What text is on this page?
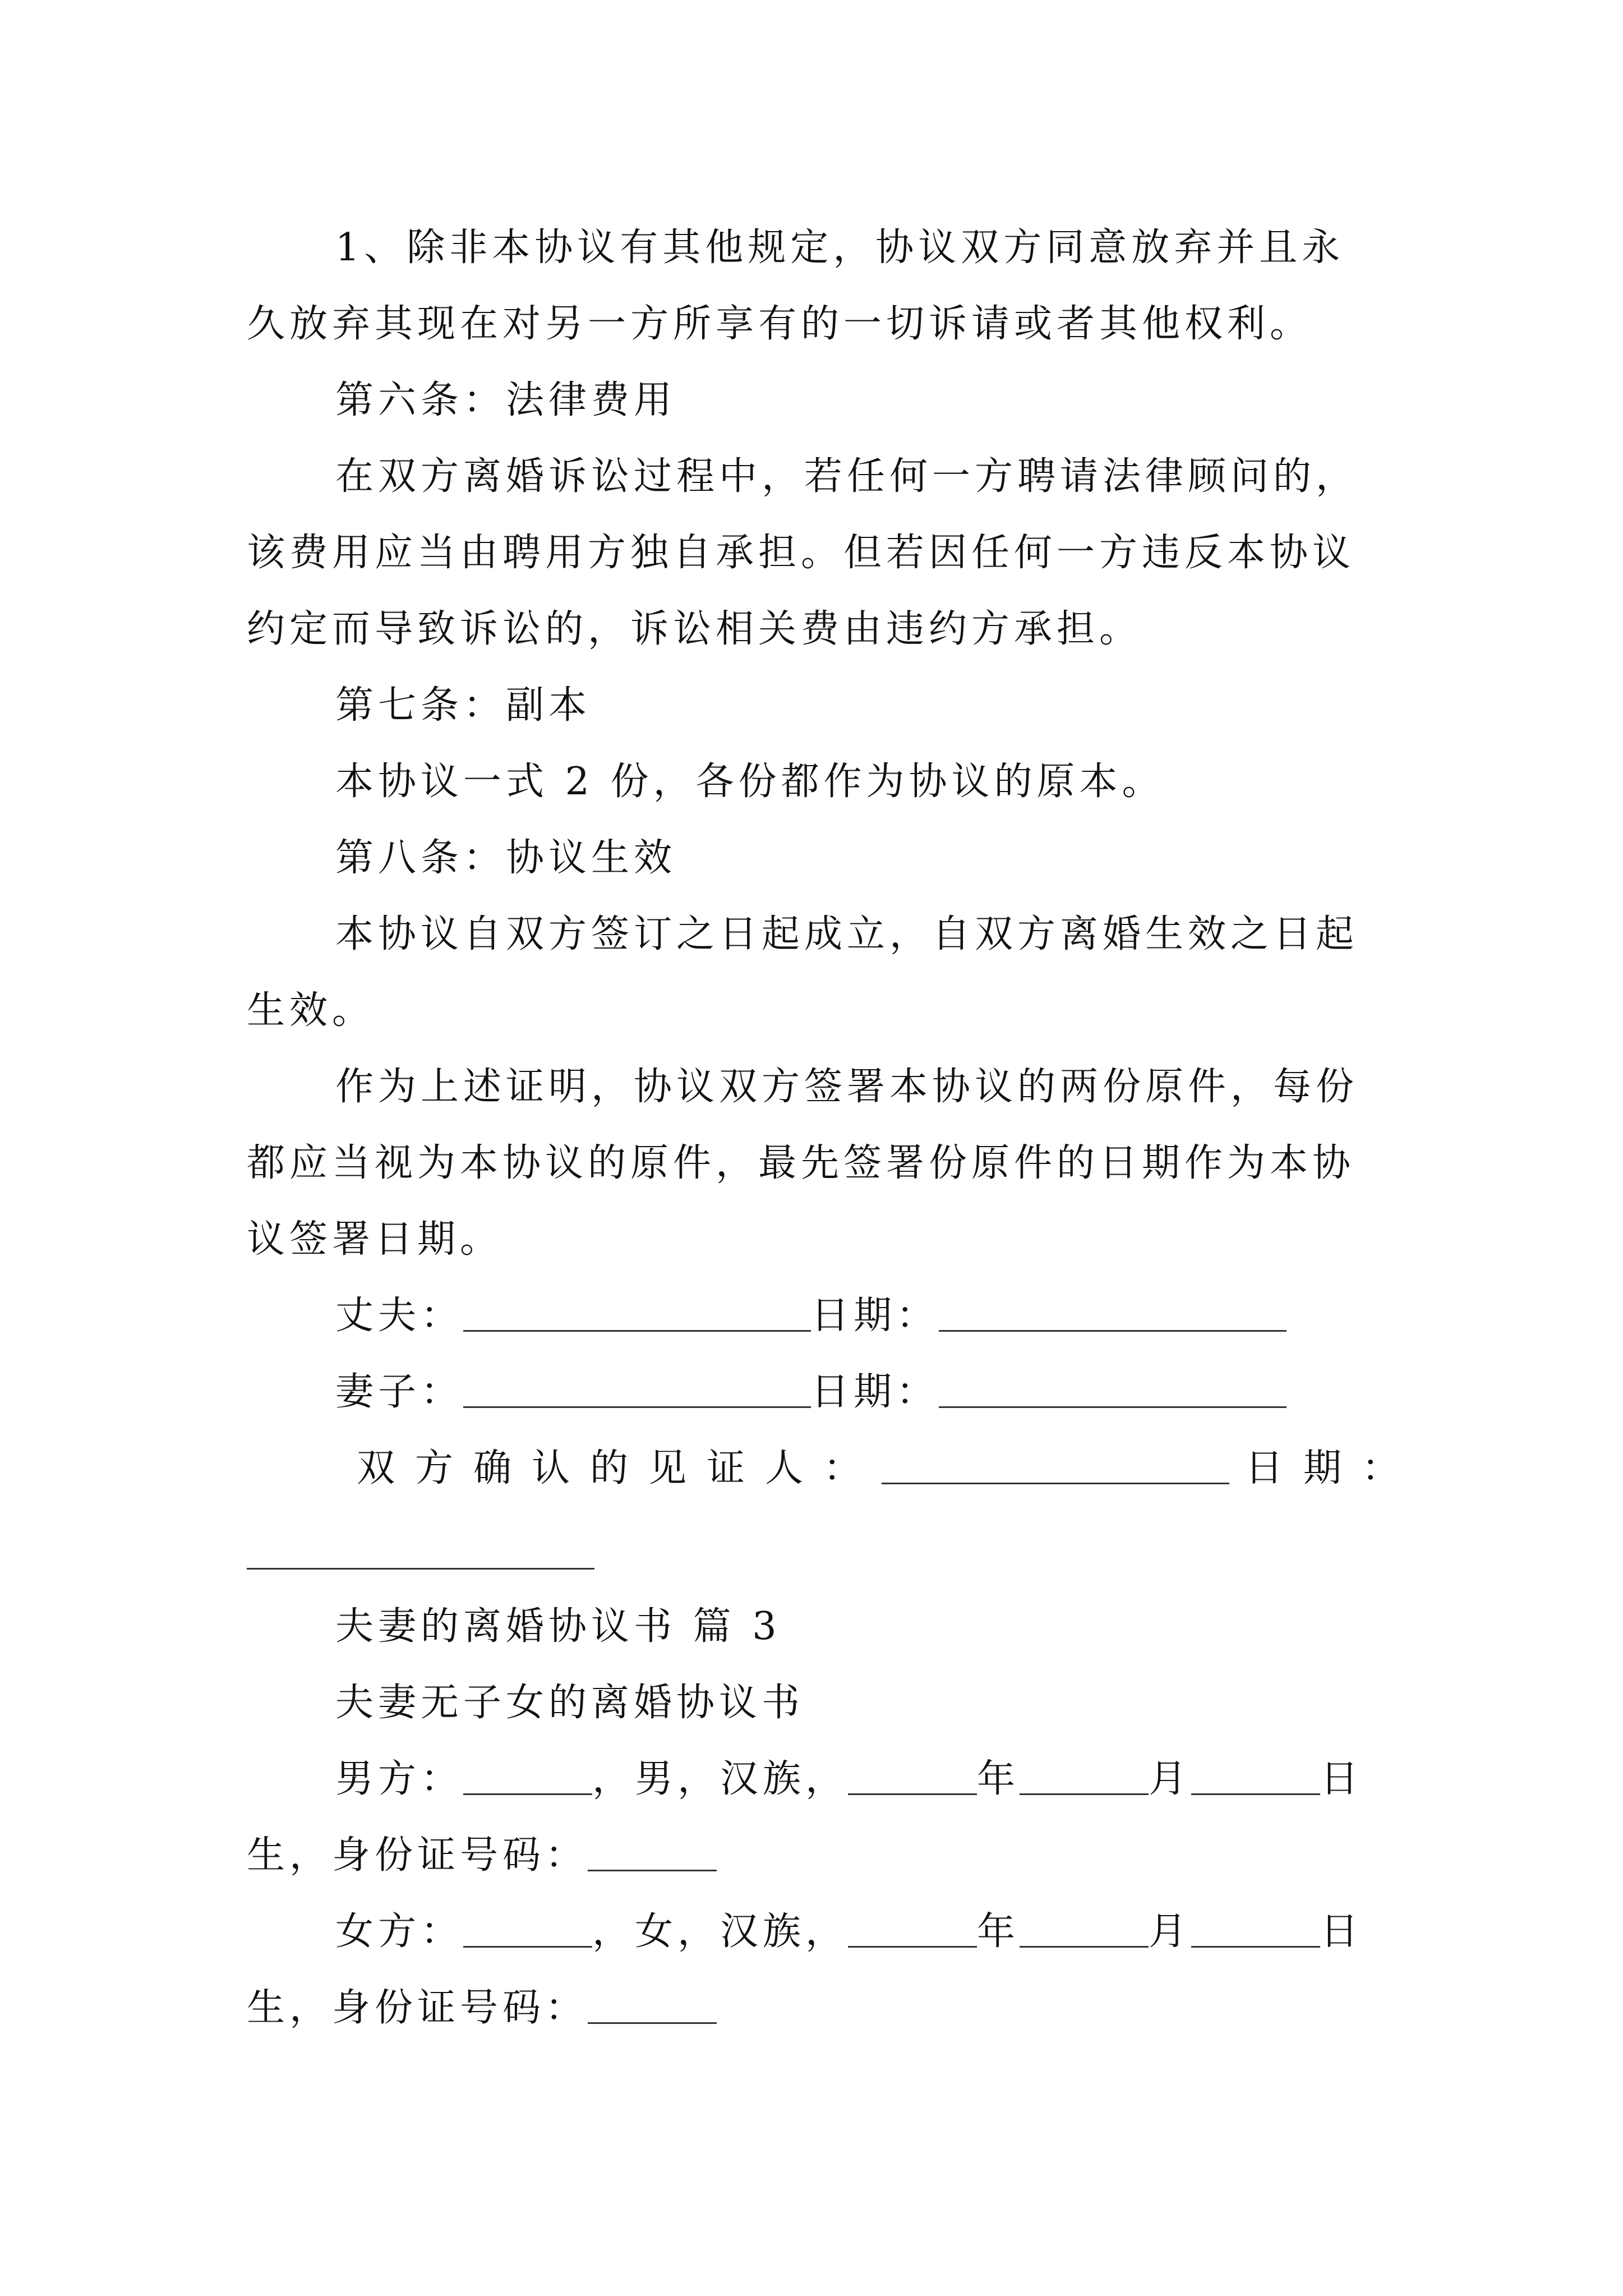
1、除非本协议有其他规定，协议双方同意放弃并且永
久放弃其现在对另一方所享有的一切诉请或者其他权利。
第六条：法律费用
在双方离婚诉讼过程中，若任何一方聘请法律顾问的，
该费用应当由聘用方独自承担。但若因任何一方违反本协议
约定而导致诉讼的，诉讼相关费由违约方承担。
第七条：副本
本协议一式 2 份，各份都作为协议的原本。
第八条：协议生效
本协议自双方签订之日起成立，自双方离婚生效之日起
生效。
作为上述证明，协议双方签署本协议的两份原件，每份
都应当视为本协议的原件，最先签署份原件的日期作为本协
议签署日期。
丈夫：	日期：
妻子：	日期：
双方确认的见证人：	日期：
夫妻的离婚协议书 篇 3
夫妻无子女的离婚协议书
男方：	，男，汉族，	年	月	日
生，身份证号码：
女方：	，女，汉族，	年	月	日
生，身份证号码：
